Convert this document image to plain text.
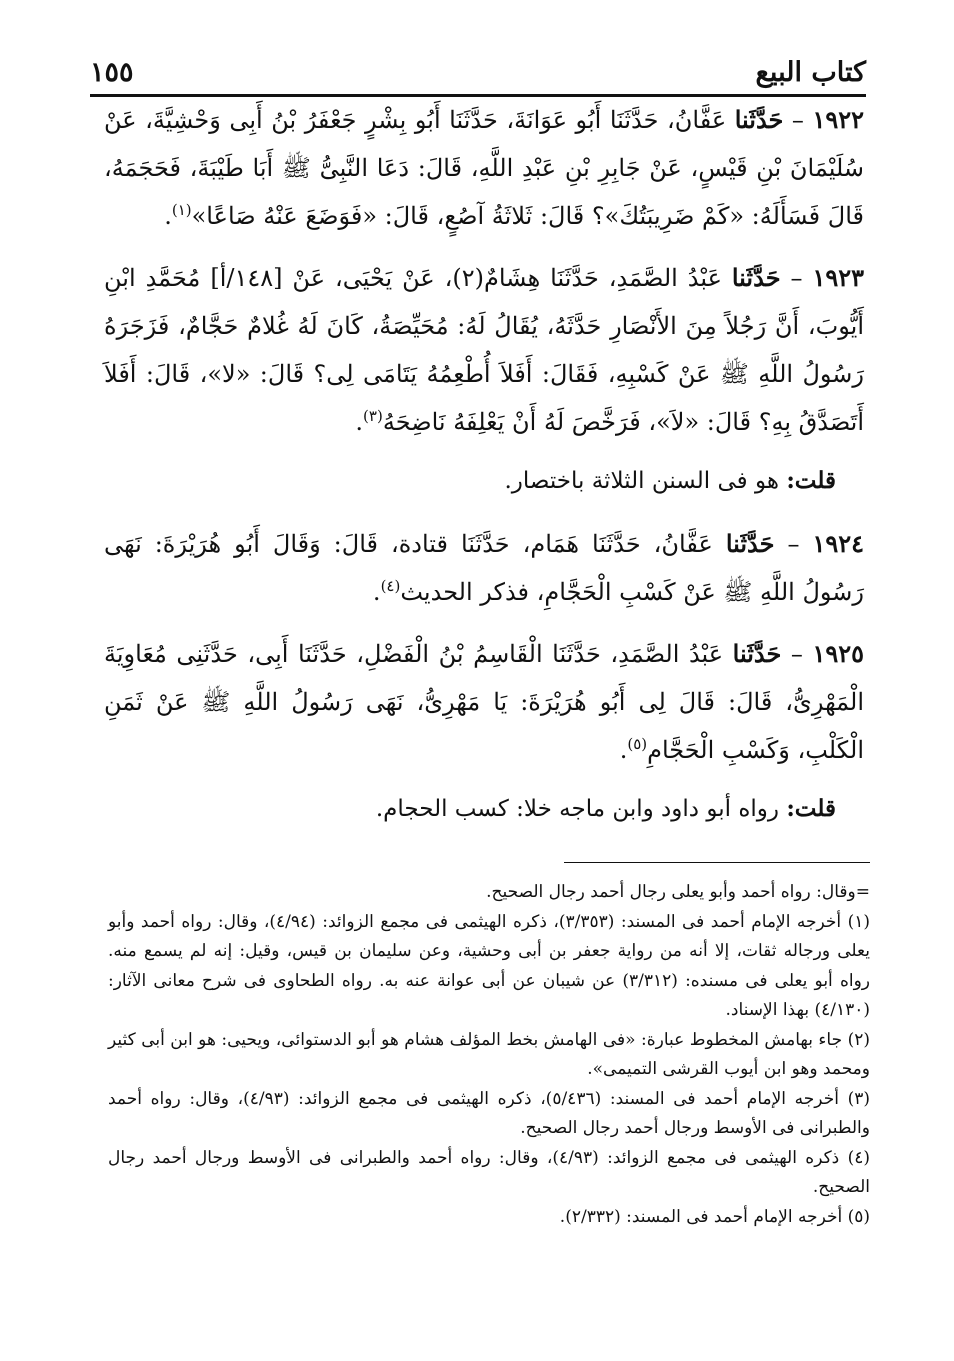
كتاب البيع
١٥٥

١٩٢٢ – حَدَّثَنا عَفَّانُ، حَدَّثَنَا أَبُو عَوَانَةَ، حَدَّثَنَا أَبُو بِشْرٍ جَعْفَرُ بْنُ أَبِى وَحْشِيَّةَ، عَنْ سُلَيْمَانَ بْنِ قَيْسٍ، عَنْ جَابِرِ بْنِ عَبْدِ اللَّهِ، قَالَ: دَعَا النَّبِىُّ ﷺ أَبَا طَيْبَةَ، فَحَجَمَهُ، قَالَ فَسَأَلَهُ: «كَمْ ضَرِيبَتُكَ»؟ قَالَ: ثَلاثَةُ آصُعٍ، قَالَ: «فَوَضَعَ عَنْهُ صَاعًا»$^{(١)}$.

١٩٢٣ – حَدَّثَنا عَبْدُ الصَّمَدِ، حَدَّثَنَا هِشَامٌ(٢)، عَنْ يَحْيَى، عَنْ [١٤٨/أ] مُحَمَّدِ ابْنِ أَيُّوبَ، أَنَّ رَجُلاً مِنَ الأَنْصَارِ حَدَّثَهُ، يُقَالُ لَهُ: مُحَيِّصَةُ، كَانَ لَهُ غُلامٌ حَجَّامٌ، فَزَجَرَهُ رَسُولُ اللَّهِ ﷺ عَنْ كَسْبِهِ، فَقَالَ: أَفَلاَ أُطْعِمُهُ يَتَامَى لِى؟ قَالَ: «لا»، قَالَ: أَفَلاَ أَتَصَدَّقُ بِهِ؟ قَالَ: «لاَ»، فَرَخَّصَ لَهُ أَنْ يَعْلِفَهُ نَاضِحَهُ$^{(٣)}$.

قلت: هو فى السنن الثلاثة باختصار.

١٩٢٤ – حَدَّثَنا عَفَّانُ، حَدَّثَنَا هَمَام، حَدَّثَنَا قتادة، قَالَ: وَقَالَ أَبُو هُرَيْرَةَ: نَهَى رَسُولُ اللَّهِ ﷺ عَنْ كَسْبِ الْحَجَّامِ، فذكر الحديث$^{(٤)}$.

١٩٢٥ – حَدَّثَنا عَبْدُ الصَّمَدِ، حَدَّثَنَا الْقَاسِمُ بْنُ الْفَضْلِ، حَدَّثَنَا أَبِى، حَدَّثَنِى مُعَاوِيَةَ الْمَهْرِىُّ، قَالَ: قَالَ لِى أَبُو هُرَيْرَةَ: يَا مَهْرِىُّ، نَهَى رَسُولُ اللَّهِ ﷺ عَنْ ثَمَنِ الْكَلْبِ، وَكَسْبِ الْحَجَّامِ$^{(٥)}$.

قلت: رواه أبو داود وابن ماجه خلا: كسب الحجام.

=وقال: رواه أحمد وأبو يعلى رجال أحمد رجال الصحيح.

(١) أخرجه الإمام أحمد فى المسند: (٣/٣٥٣)، ذكره الهيثمى فى مجمع الزوائد: (٤/٩٤)، وقال: رواه أحمد وأبو يعلى ورجاله ثقات، إلا أنه من رواية جعفر بن أبى وحشية، وعن سليمان بن قيس، وقيل: إنه لم يسمع منه. رواه أبو يعلى فى مسنده: (٣/٣١٢) عن شيبان عن أبى عوانة عنه به. رواه الطحاوى فى شرح معانى الآثار: (٤/١٣٠) بهذا الإسناد.

(٢) جاء بهامش المخطوط عبارة: «فى الهامش بخط المؤلف هشام هو أبو الدستوائى، ويحيى: هو ابن أبى كثير ومحمد وهو ابن أيوب القرشى التميمى».

(٣) أخرجه الإمام أحمد فى المسند: (٥/٤٣٦)، ذكره الهيثمى فى مجمع الزوائد: (٤/٩٣)، وقال: رواه أحمد والطبرانى فى الأوسط ورجال أحمد رجال الصحيح.

(٤) ذكره الهيثمى فى مجمع الزوائد: (٤/٩٣)، وقال: رواه أحمد والطبرانى فى الأوسط ورجال أحمد رجال الصحيح.

(٥) أخرجه الإمام أحمد فى المسند: (٢/٣٣٢).
